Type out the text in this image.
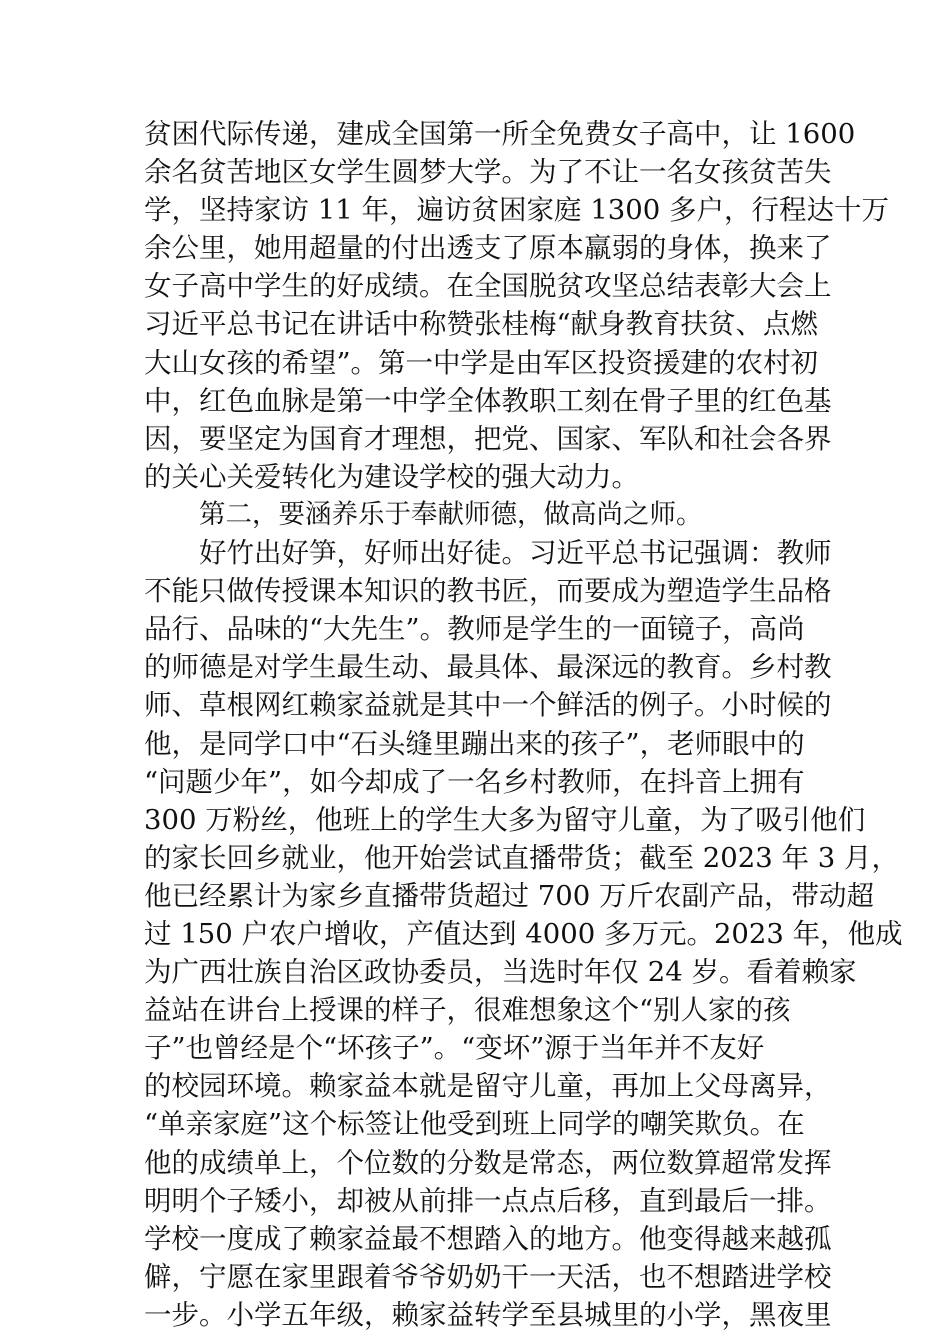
贫困代际传递，建成全国第一所全免费女子高中，让 1600
余名贫苦地区女学生圆梦大学。为了不让一名女孩贫苦失
学，坚持家访 11 年，遍访贫困家庭 1300 多户，行程达十万
余公里，她用超量的付出透支了原本羸弱的身体，换来了
女子高中学生的好成绩。在全国脱贫攻坚总结表彰大会上
习近平总书记在讲话中称赞张桂梅“献身教育扶贫、点燃
大山女孩的希望”。第一中学是由军区投资援建的农村初
中，红色血脉是第一中学全体教职工刻在骨子里的红色基
因，要坚定为国育才理想，把党、国家、军队和社会各界
的关心关爱转化为建设学校的强大动力。
第二，要涵养乐于奉献师德，做高尚之师。
好竹出好笋，好师出好徒。习近平总书记强调：教师
不能只做传授课本知识的教书匠，而要成为塑造学生品格
品行、品味的“大先生”。教师是学生的一面镜子，高尚
的师德是对学生最生动、最具体、最深远的教育。乡村教
师、草根网红赖家益就是其中一个鲜活的例子。小时候的
他，是同学口中“石头缝里蹦出来的孩子”，老师眼中的
“问题少年”，如今却成了一名乡村教师，在抖音上拥有
300 万粉丝，他班上的学生大多为留守儿童，为了吸引他们
的家长回乡就业，他开始尝试直播带货；截至 2023 年 3 月，
他已经累计为家乡直播带货超过 700 万斤农副产品，带动超
过 150 户农户增收，产值达到 4000 多万元。2023 年，他成
为广西壮族自治区政协委员，当选时年仅 24 岁。看着赖家
益站在讲台上授课的样子，很难想象这个“别人家的孩
子”也曾经是个“坏孩子”。“变坏”源于当年并不友好
的校园环境。赖家益本就是留守儿童，再加上父母离异，
“单亲家庭”这个标签让他受到班上同学的嘲笑欺负。在
他的成绩单上，个位数的分数是常态，两位数算超常发挥
明明个子矮小，却被从前排一点点后移，直到最后一排。
学校一度成了赖家益最不想踏入的地方。他变得越来越孤
僻，宁愿在家里跟着爷爷奶奶干一天活，也不想踏进学校
一步。小学五年级，赖家益转学至县城里的小学，黑夜里
